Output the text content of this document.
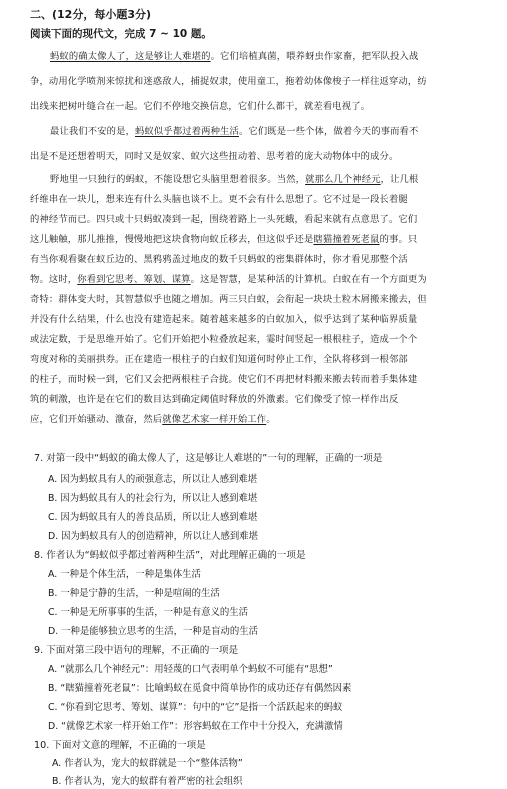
二、(12分，每小题3分)
阅读下面的现代文，完成 7 ~ 10 题。
蚂蚁的确太像人了，这是够让人难堪的。它们培植真菌，喂养蚜虫作家畜，把军队投入战
争，动用化学喷剂来惊扰和迷惑敌人，捕捉奴隶，使用童工，拖着幼体像梭子一样往返穿动，纺
出线来把树叶缝合在一起。它们不停地交换信息，它们什么都干，就差看电视了。
最让我们不安的是，蚂蚁似乎都过着两种生活。它们既是一些个体，做着今天的事而看不
出是不是还想着明天，同时又是奴家、蚁穴这些扭动着、思考着的庞大动物体中的成分。
野地里一只独行的蚂蚁，不能设想它头脑里想着很多。当然，就那么几个神经元，让几根
纤维串在一块儿，想来连有什么头脑也谈不上。更不会有什么思想了。它不过是一段长着腿
的神经节而已。四只或十只蚂蚁凑到一起，围绕着路上一头死蛾，看起来就有点意思了。它们
这儿触触，那儿推推，慢慢地把这块食物向蚁丘移去，但这似乎还是瞎猫撞着死老鼠的事。只
有当你观看聚在蚁丘边的、黑鸦鸦盖过地皮的数千只蚂蚁的密集群体时，你才看见那整个活
物。这时，你看到它思考、筹划、谋算。这是智慧，是某种活的计算机。白蚁在有一个方面更为
奇特：群体变大时，其智慧似乎也随之增加。两三只白蚁，会衔起一块块土粒木屑搬来搬去，但
并没有什么结果，什么也没有建造起来。随着越来越多的白蚁加入，似乎达到了某种临界质量
或法定数，于是思维开始了。它们开始把小粒叠放起来，霎时间竖起一根根柱子，造成一个个
弯度对称的美丽拱券。正在建造一根柱子的白蚁们知道何时停止工作，全队将移到一根邻部
的柱子，而时候一到，它们又会把两根柱子合拢。使它们不再把材料搬来搬去转而着手集体建
筑的刺激，也许是在它们的数目达到确定阈值时释放的外激素。它们像受了惊一样作出反
应，它们开始骚动、激奋，然后就像艺术家一样开始工作。
7. 对第一段中“蚂蚁的确太像人了，这是够让人难堪的”一句的理解，正确的一项是
A. 因为蚂蚁具有人的顽强意志，所以让人感到难堪
B. 因为蚂蚁具有人的社会行为，所以让人感到难堪
C. 因为蚂蚁具有人的善良品质，所以让人感到难堪
D. 因为蚂蚁具有人的创造精神，所以让人感到难堪
8. 作者认为“蚂蚁似乎都过着两种生活”，对此理解正确的一项是
A. 一种是个体生活，一种是集体生活
B. 一种是宁静的生活，一种是喧闹的生活
C. 一种是无所事事的生活，一种是有意义的生活
D. 一种是能够独立思考的生活，一种是盲动的生活
9. 下面对第三段中语句的理解，不正确的一项是
A. “就那么几个神经元”：用轻蔑的口气表明单个蚂蚁不可能有“思想”
B. “瞎猫撞着死老鼠”：比喻蚂蚁在觅食中简单协作的成功还存有偶然因素
C. “你看到它思考、筹划、谋算”：句中的“它”是指一个活跃起来的蚂蚁
D. “就像艺术家一样开始工作”：形容蚂蚁在工作中十分投入，充满激情
10. 下面对文意的理解，不正确的一项是
A. 作者认为，宠大的蚁群就是一个“整体活物”
B. 作者认为，宠大的蚁群有着严密的社会组织
